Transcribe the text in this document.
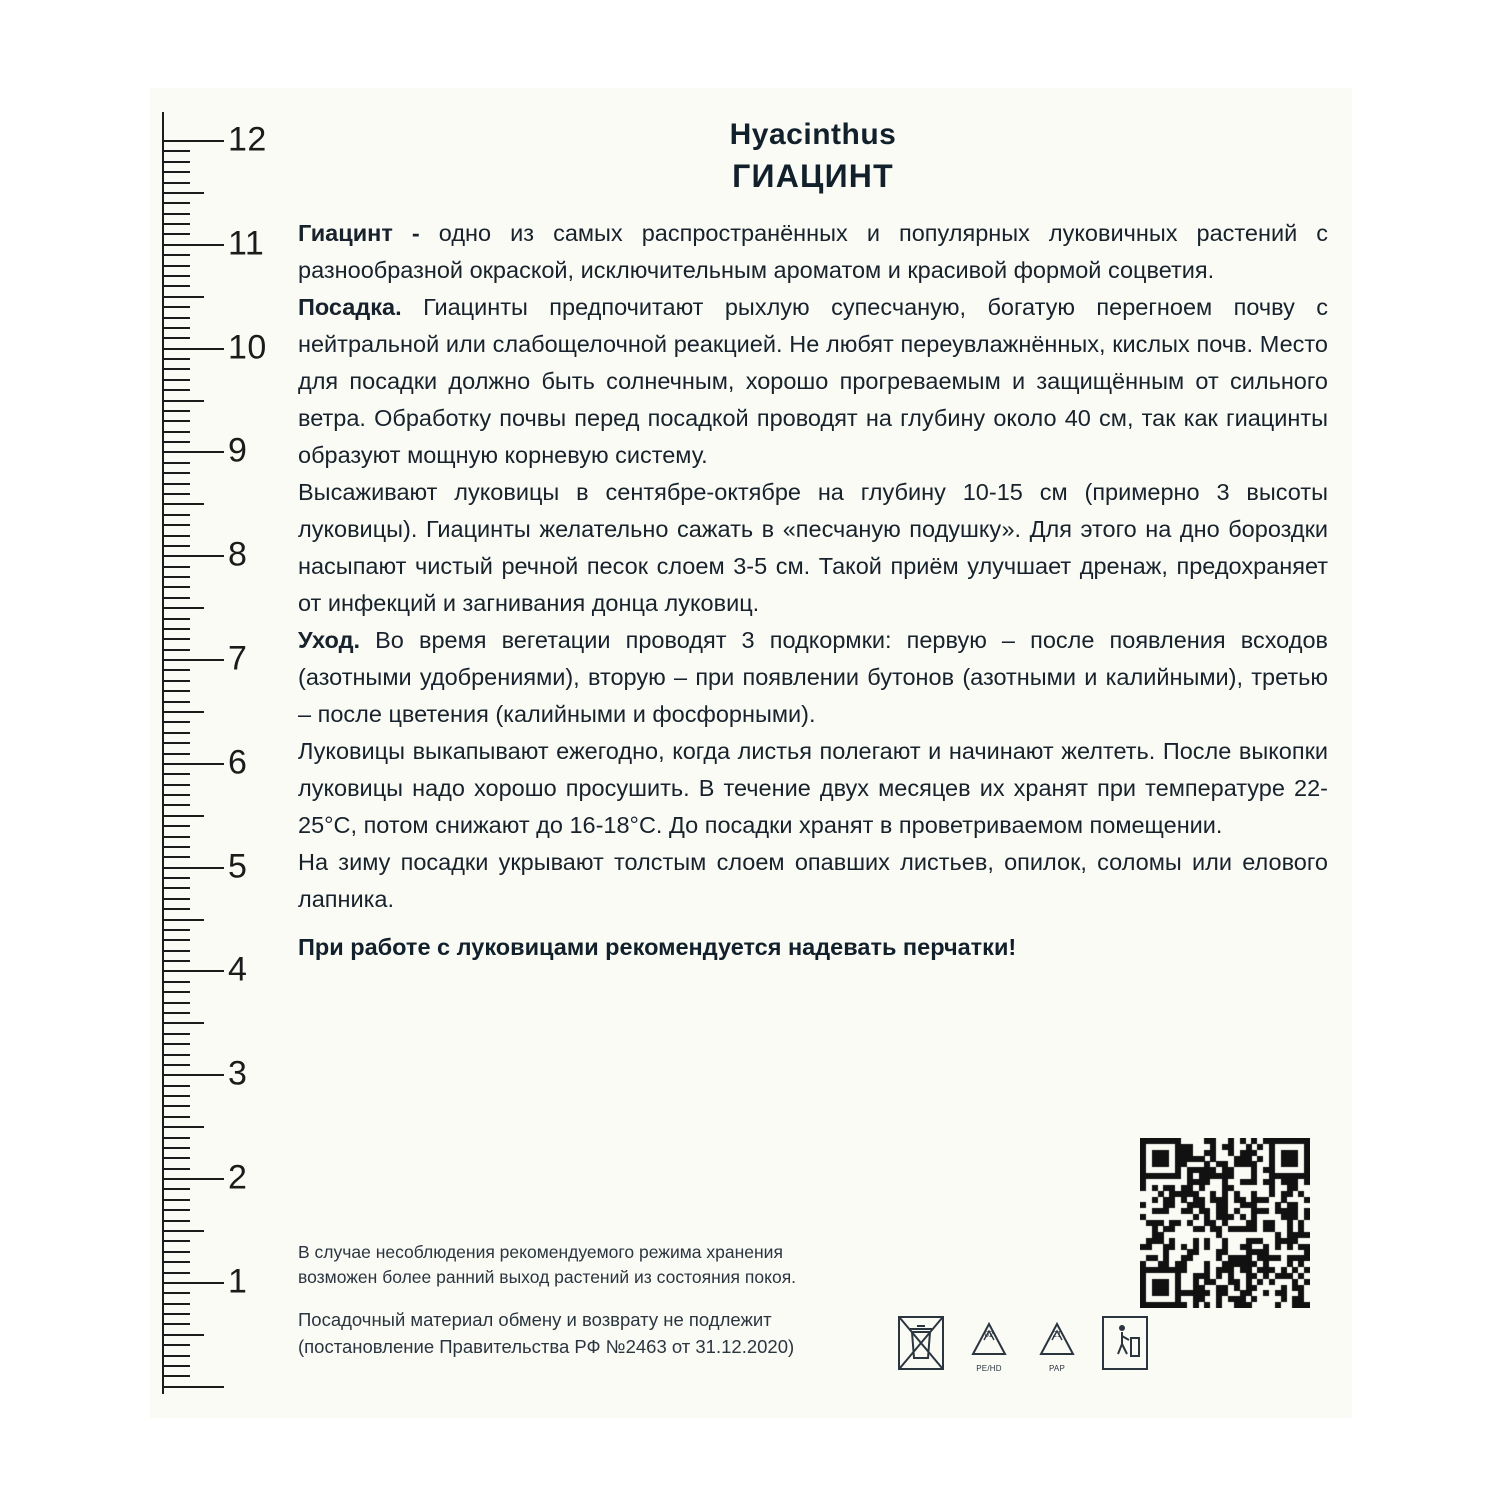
12
11
10
9
8
7
6
5
4
3
2
1
Hyacinthus
ГИАЦИНТ

Гиацинт - одно из самых распространённых и популярных луковичных растений с разнообразной окраской, исключительным ароматом и красивой формой соцветия.

Посадка. Гиацинты предпочитают рыхлую супесчаную, богатую перегноем почву с нейтральной или слабощелочной реакцией. Не любят переувлажнённых, кислых почв. Место для посадки должно быть солнечным, хорошо прогреваемым и защищённым от сильного ветра. Обработку почвы перед посадкой проводят на глубину около 40 см, так как гиацинты образуют мощную корневую систему.

Высаживают луковицы в сентябре-октябре на глубину 10-15 см (примерно 3 высоты луковицы). Гиацинты желательно сажать в «песчаную подушку». Для этого на дно бороздки насыпают чистый речной песок слоем 3-5 см. Такой приём улучшает дренаж, предохраняет от инфекций и загнивания донца луковиц.

Уход. Во время вегетации проводят 3 подкормки: первую – после появления всходов (азотными удобрениями), вторую – при появлении бутонов (азотными и калийными), третью – после цветения (калийными и фосфорными).

Луковицы выкапывают ежегодно, когда листья полегают и начинают желтеть. После выкопки луковицы надо хорошо просушить. В течение двух месяцев их хранят при температуре 22-25°С, потом снижают до 16-18°С. До посадки хранят в проветриваемом помещении.

На зиму посадки укрывают толстым слоем опавших листьев, опилок, соломы или елового лапника.

При работе с луковицами рекомендуется надевать перчатки!
В случае несоблюдения рекомендуемого режима хранения
возможен более ранний выход растений из состояния покоя.
Посадочный материал обмену и возврату не подлежит
(постановление Правительства РФ №2463 от 31.12.2020)
02
PE/HD
21
PAP
